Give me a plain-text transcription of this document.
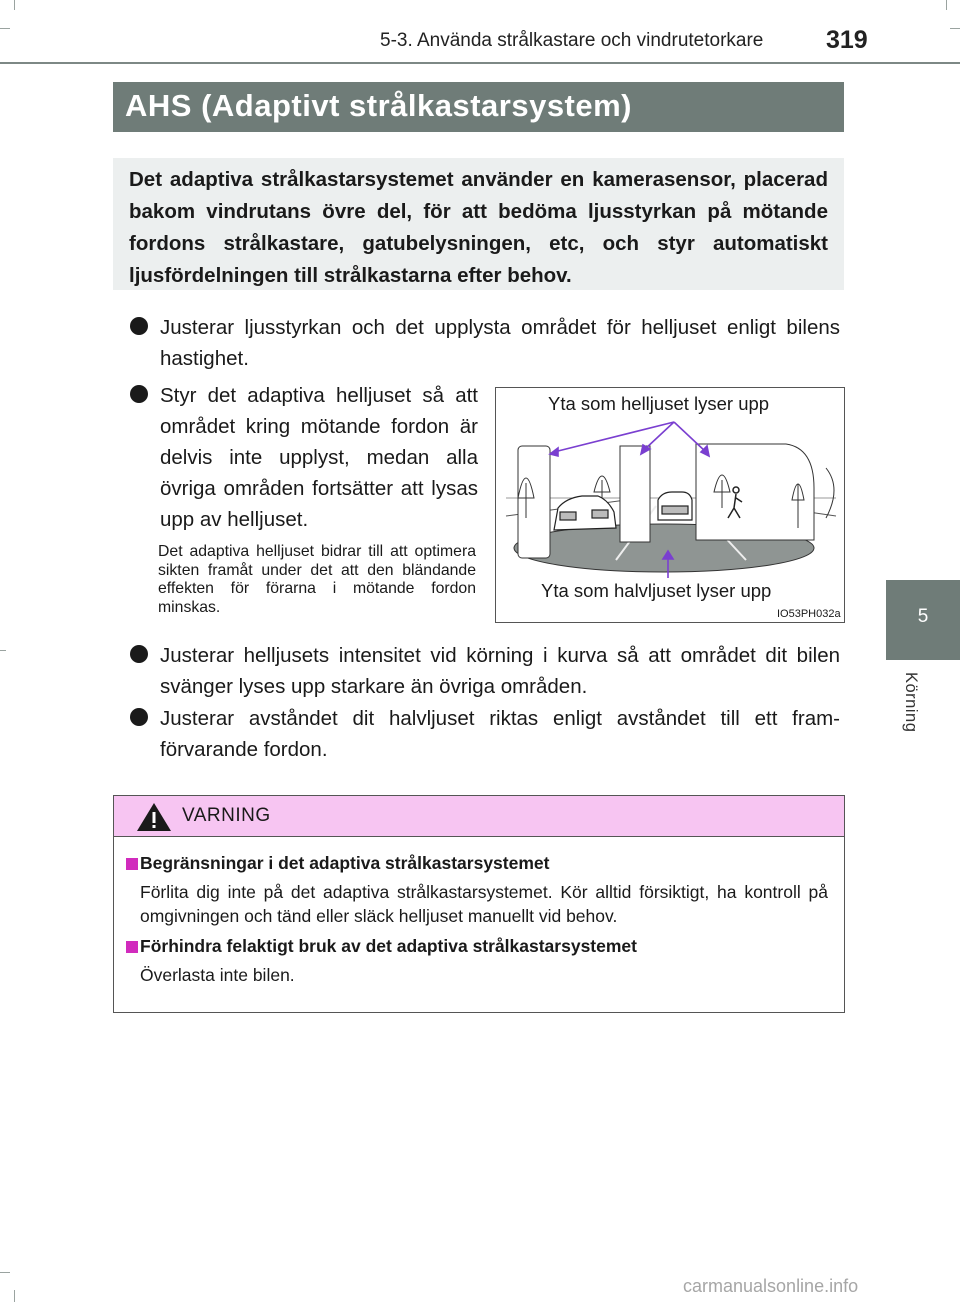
5-3. Använda strålkastare och vindrutetorkare	319
AHS (Adaptivt strålkastarsystem)
Det adaptiva strålkastarsystemet använder en kamerasensor, placerad bakom vindrutans övre del, för att bedöma ljusstyrkan på mötande fordons strålkastare, gatubelysningen, etc, och styr automatiskt ljusfördelningen till strålkastarna efter behov.
Justerar ljusstyrkan och det upplysta området för helljuset enligt bilens hastighet.
Styr det adaptiva helljuset så att området kring mötande fordon är delvis inte upplyst, medan alla övriga områden fortsätter att lysas upp av helljuset.
Det adaptiva helljuset bidrar till att optimera sikten framåt under det att den bländande effekten för förarna i mötande fordon minskas.
Justerar helljusets intensitet vid körning i kurva så att området dit bilen svänger lyses upp starkare än övriga områden.
Justerar avståndet dit halvljuset riktas enligt avståndet till ett fram-förvarande fordon.
Yta som helljuset lyser upp
Yta som halvljuset lyser upp
IO53PH032a
VARNING
Begränsningar i det adaptiva strålkastarsystemet
Förlita dig inte på det adaptiva strålkastarsystemet. Kör alltid försiktigt, ha kontroll på omgivningen och tänd eller släck helljuset manuellt vid behov.
Förhindra felaktigt bruk av det adaptiva strålkastarsystemet
Överlasta inte bilen.
5
Körning
carmanualsonline.info
